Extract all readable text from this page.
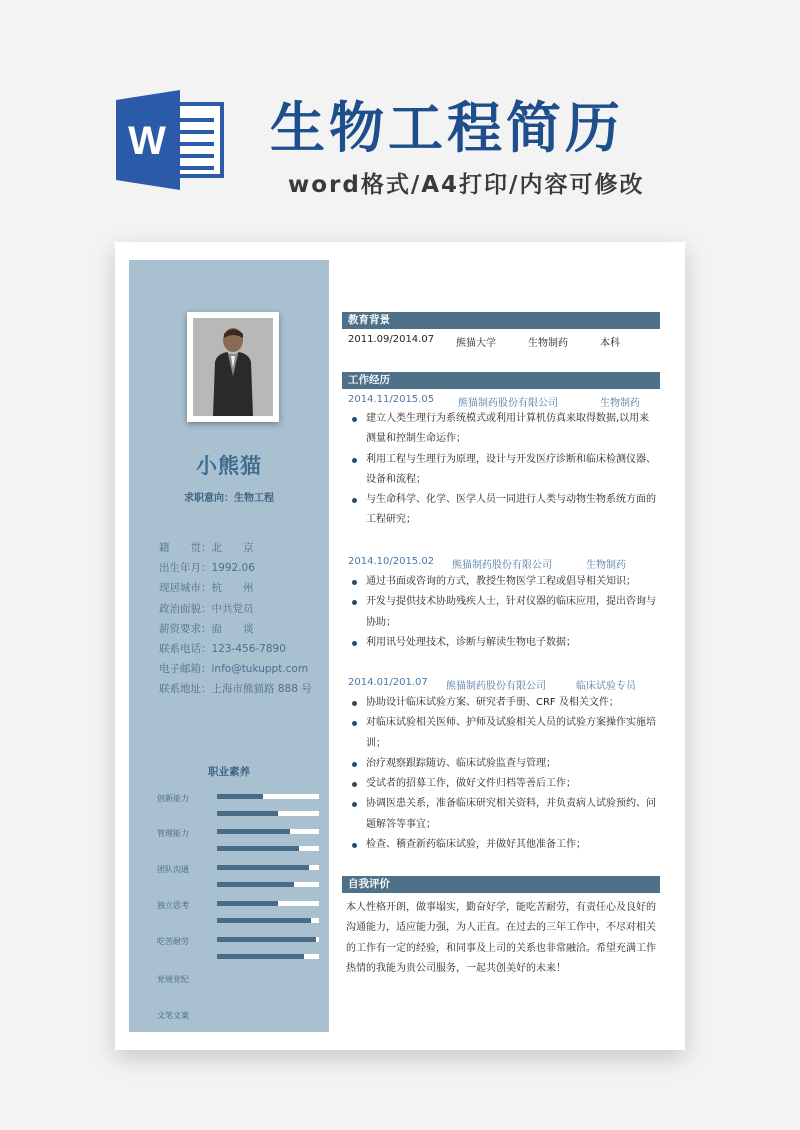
W 生物工程简历
word格式/A4打印/内容可修改
小熊猫
求职意向：生物工程
籍　　贯：北　　京
出生年月：1992.06
现居城市：杭　　州
政治面貌：中共党员
薪资要求：面　　谈
联系电话：123-456-7890
电子邮箱：info@tukuppt.com
联系地址：上海市熊猫路 888 号
职业素养
创新能力
管理能力
团队沟通
独立思考
吃苦耐劳
党规党纪
文笔文案
教育背景
2011.09/2014.07 熊猫大学	生物制药	本科
工作经历
2014.11/2015.05 熊猫制药股份有限公司	生物制药
建立人类生理行为系统模式或利用计算机仿真来取得数据,以用来测量和控制生命运作；
利用工程与生理行为原理，设计与开发医疗诊断和临床检测仪器、设备和流程；
与生命科学、化学、医学人员一同进行人类与动物生物系统方面的工程研究；
2014.10/2015.02 熊猫制药股份有限公司	生物制药
通过书面或咨询的方式，教授生物医学工程或倡导相关知识；
开发与提供技术协助残疾人士，针对仪器的临床应用，提出咨询与协助；
利用讯号处理技术，诊断与解读生物电子数据；
2014.01/201.07 熊猫制药股份有限公司	临床试验专员
协助设计临床试验方案、研究者手册、CRF 及相关文件；
对临床试验相关医师、护师及试验相关人员的试验方案操作实施培训；
治疗观察跟踪随访、临床试验监查与管理；
受试者的招募工作，做好文件归档等善后工作；
协调医患关系，准备临床研究相关资料，并负责病人试验预约、问题解答等事宜；
检查、稽查新药临床试验，并做好其他准备工作；
自我评价
本人性格开朗，做事塌实，勤奋好学，能吃苦耐劳，有责任心及良好的沟通能力，适应能力强，为人正直。在过去的三年工作中，不尽对相关的工作有一定的经验，和同事及上司的关系也非常融洽。希望充满工作热情的我能为贵公司服务，一起共创美好的未来！
